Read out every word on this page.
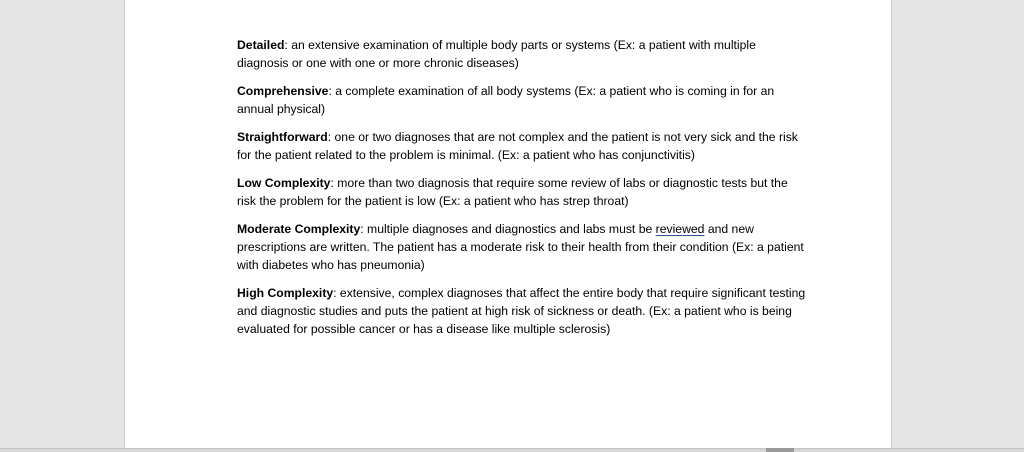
Detailed: an extensive examination of multiple body parts or systems (Ex: a patient with multiple diagnosis or one with one or more chronic diseases)

Comprehensive: a complete examination of all body systems (Ex: a patient who is coming in for an annual physical)

Straightforward: one or two diagnoses that are not complex and the patient is not very sick and the risk for the patient related to the problem is minimal. (Ex: a patient who has conjunctivitis)

Low Complexity: more than two diagnosis that require some review of labs or diagnostic tests but the risk the problem for the patient is low (Ex: a patient who has strep throat)

Moderate Complexity: multiple diagnoses and diagnostics and labs must be reviewed and new prescriptions are written. The patient has a moderate risk to their health from their condition (Ex: a patient with diabetes who has pneumonia)

High Complexity: extensive, complex diagnoses that affect the entire body that require significant testing and diagnostic studies and puts the patient at high risk of sickness or death. (Ex: a patient who is being evaluated for possible cancer or has a disease like multiple sclerosis)
